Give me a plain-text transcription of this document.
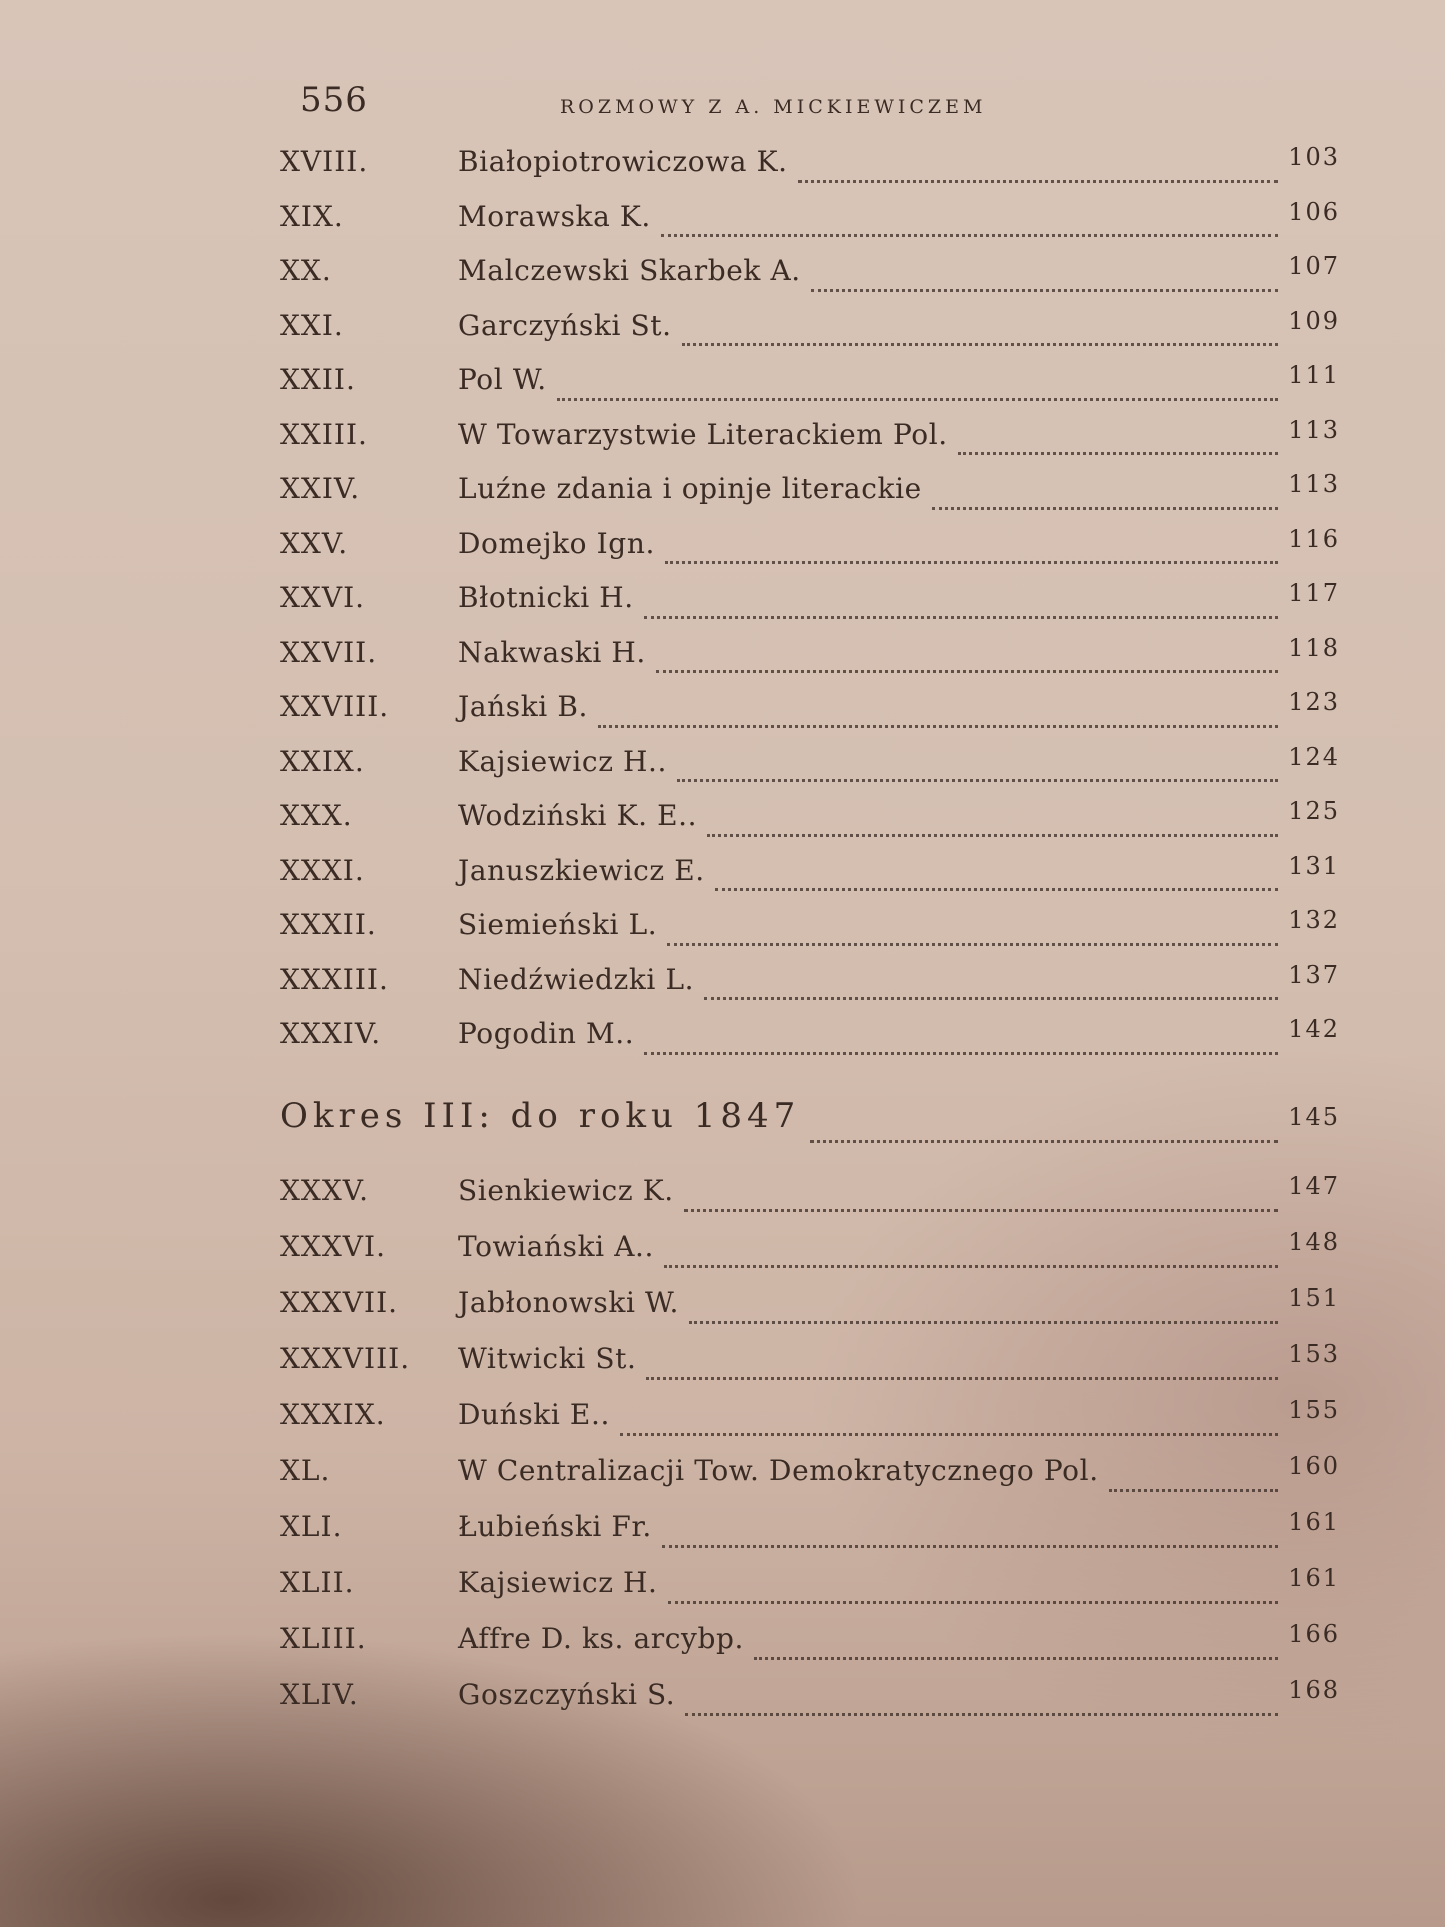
556	ROZMOWY Z A. MICKIEWICZEM
XVIII.	Białopiotrowiczowa K.	103
XIX.	Morawska K.	106
XX.	Malczewski Skarbek A.	107
XXI.	Garczyński St.	109
XXII.	Pol W.	111
XXIII.	W Towarzystwie Literackiem Pol.	113
XXIV.	Luźne zdania i opinje literackie	113
XXV.	Domejko Ign.	116
XXVI.	Błotnicki H.	117
XXVII.	Nakwaski H.	118
XXVIII.	Jański B.	123
XXIX.	Kajsiewicz H..	124
XXX.	Wodziński K. E..	125
XXXI.	Januszkiewicz E.	131
XXXII.	Siemieński L.	132
XXXIII.	Niedźwiedzki L.	137
XXXIV.	Pogodin M..	142
Okres III: do roku 1847	145
XXXV.	Sienkiewicz K.	147
XXXVI.	Towiański A..	148
XXXVII.	Jabłonowski W.	151
XXXVIII.	Witwicki St.	153
XXXIX.	Duński E..	155
XL.	W Centralizacji Tow. Demokratycznego Pol.	160
XLI.	Łubieński Fr.	161
XLII.	Kajsiewicz H.	161
XLIII.	Affre D. ks. arcybp.	166
XLIV.	Goszczyński S.	168
